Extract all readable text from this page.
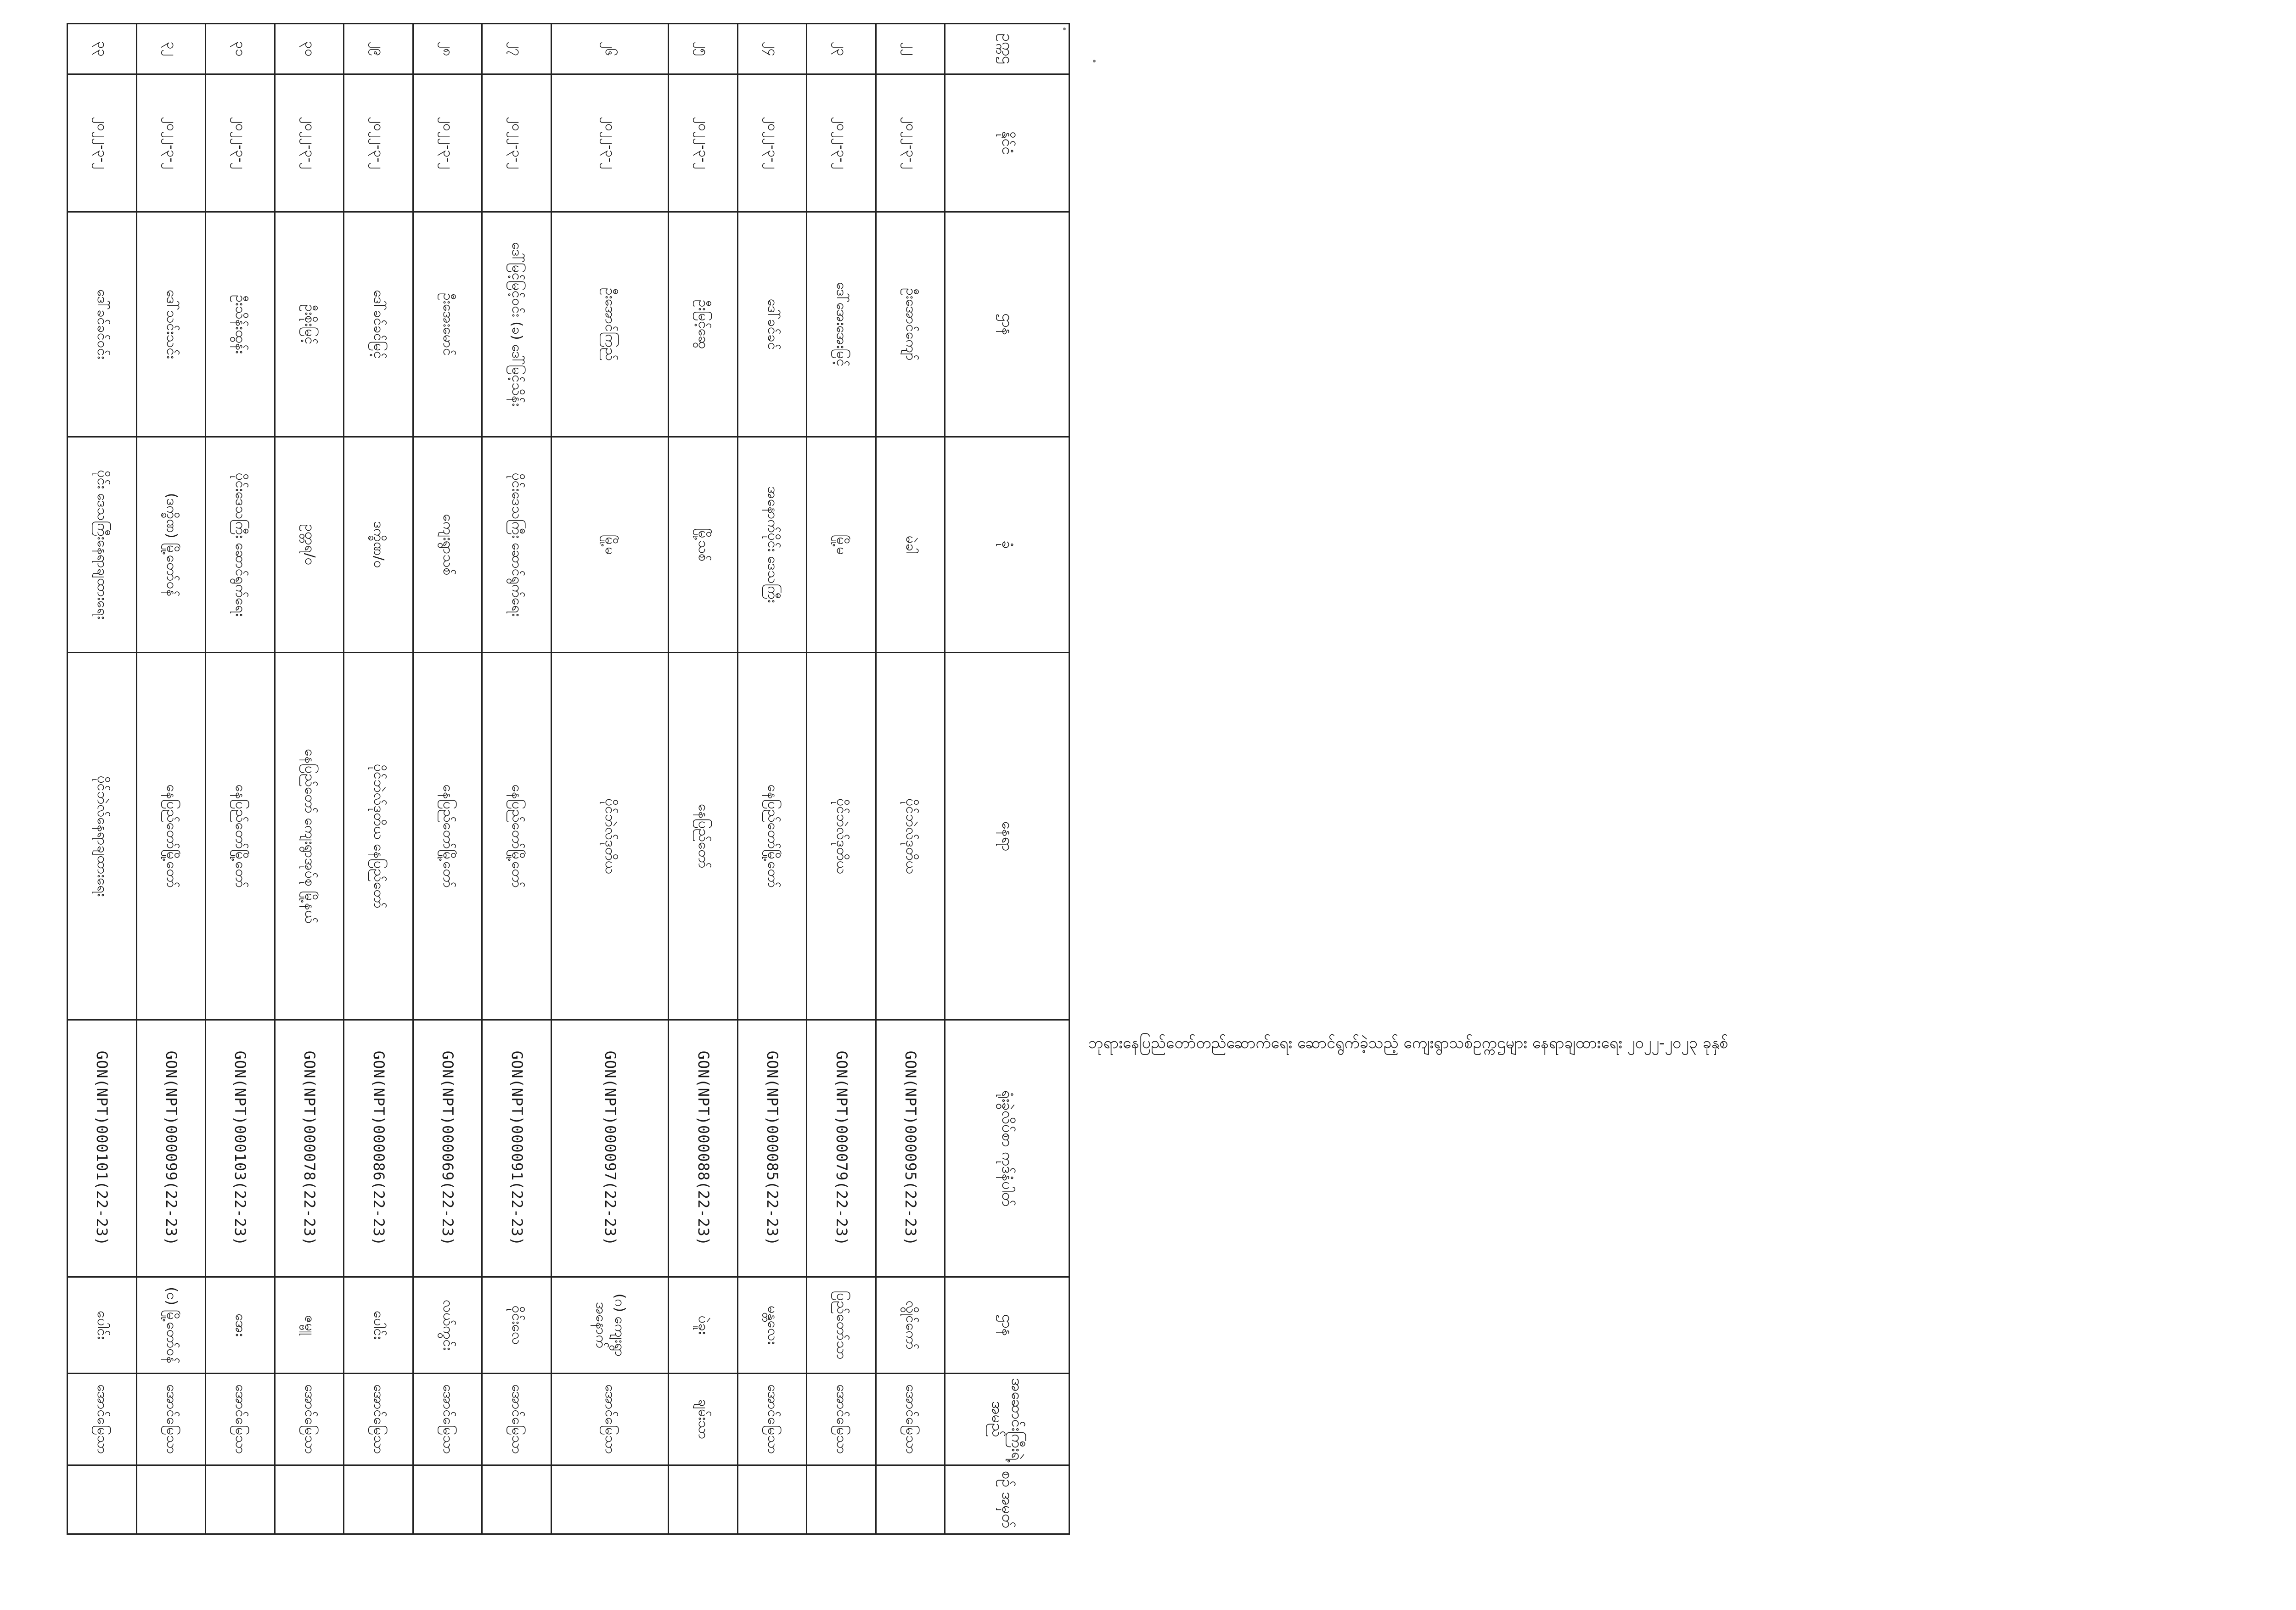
ဥက္ကဌ	နိုင်ငံ	ဌာန	ခုံ	နေရာ	ရုံးခွဲလိပ်စာ ကုဒ်နံပါတ်	ဌာန	အဆောင်းကြီးရဲ့ အမည်	စဉ် အမှတ်
၂၂	၂၀၂၂-၃-၂	ဦးအောင်ကျော်	မဲခါ	ပိုင်ဘဲလ်ဒုတိယ	GON(NPT)000095(22-23)	လွိုင်ကော်	အောင်မြေသာ	
၂၃	၂၀၂၂-၃-၂	ဒေါ်အေးအေးမြင့်	မြို့မ	ပိုင်ဘဲလ်ဒုတိယ	GON(NPT)000079(22-23)	ပြည်တော်သာ	အောင်မြေသာ	
၂၄	၂၀၂၂-၃-၂	ဒေါ်ခင်ခင်	အနောက်ပိုင်း ဒေသကြီး	နေပြည်တော်မြို့တော်	GON(NPT)000085(22-23)	မန္တလေး	အောင်မြေသာ	
၂၅	၂၀၂၂-၃-၂	ဦးမြင့်ဆွေ	မြို့သစ်	နေပြည်တော်	GON(NPT)000088(22-23)	ပဲခူး	ချမ်းသာ	
၂၆	၂၀၂၂-၃-၂	ဦးအောင်ကြည်	မြို့မ	ပိုင်ဘဲလ်ဒုတိယ	GON(NPT)000097(22-23)	(ဂ) ကျေးရွာ အနောက်	အောင်မြေသာ	
၂၇	၂၀၂၂-၃-၂	ဒေါ်မြင့်မြင့်ဝင်း (ခ) ဒေါ်မြင့်သိန်း	ပိုင်းဒေသကြီး ဆောင်ရွက်ရေး	နေပြည်တော်မြို့တော်	GON(NPT)000091(22-23)	ဝိုင်းလေ	အောင်မြေသာ	
၂၈	၂၀၂၂-၃-၂	ဦးအေးမောင်	ကျေးရွာသစ်	နေပြည်တော်မြို့တော်	GON(NPT)000069(22-23)	လယ်ကွင်း	အောင်မြေသာ	
၂၉	၂၀၂၂-၃-၂	ဒေါ်ခင်ခင်မြင့်	ဒက္ခိဏ/ဝ	ပိုင်ဘဲလ်ဒုတိယ နေပြည်တော်	GON(NPT)000086(22-23)	ပေါင်း	အောင်မြေသာ	
၃၀	၂၀၂၂-၃-၂	ဦးစိုးမြင့်	ဥတ္တရ/ဝ	နေပြည်တော် ကျေးရွာအုပ်စု မြို့နယ်	GON(NPT)000078(22-23)	ဇမ္ဗူ	အောင်မြေသာ	
၃၁	၂၀၂၂-၃-၂	ဦးသိန်းထွန်း	ပိုင်းဒေသကြီး ဆောင်ရွက်ရေး	နေပြည်တော်မြို့တော်	GON(NPT)000103(22-23)	အေး	အောင်မြေသာ	
၃၂	၂၀၂၂-၃-၂	ဒေါ်သင်းသင်း	(ဒက္ခိဏ) မြို့တော်ဝန်	နေပြည်တော်မြို့တော်	GON(NPT)000099(22-23)	(င) မြို့တော်ဝန်	အောင်မြေသာ	
၃၃	၂၀၂၂-၃-၂	ဒေါ်ခင်ခင်ဝင်း	ပိုင်း ဒေသကြီးနေရာချထားရေး	ပိုင်ဘဲလ်နေရာချထားရေး	GON(NPT)000101(22-23)	ပေါင်း	အောင်မြေသာ	
ဘုရားနေပြည်တော်တည်ဆောက်ရေး ဆောင်ရွက်ခဲ့သည့် ကျေးရွာသစ်ဥက္ကဌများ နေရာချထားရေး ၂၀၂၂-၂၀၂၃ ခုနှစ်
